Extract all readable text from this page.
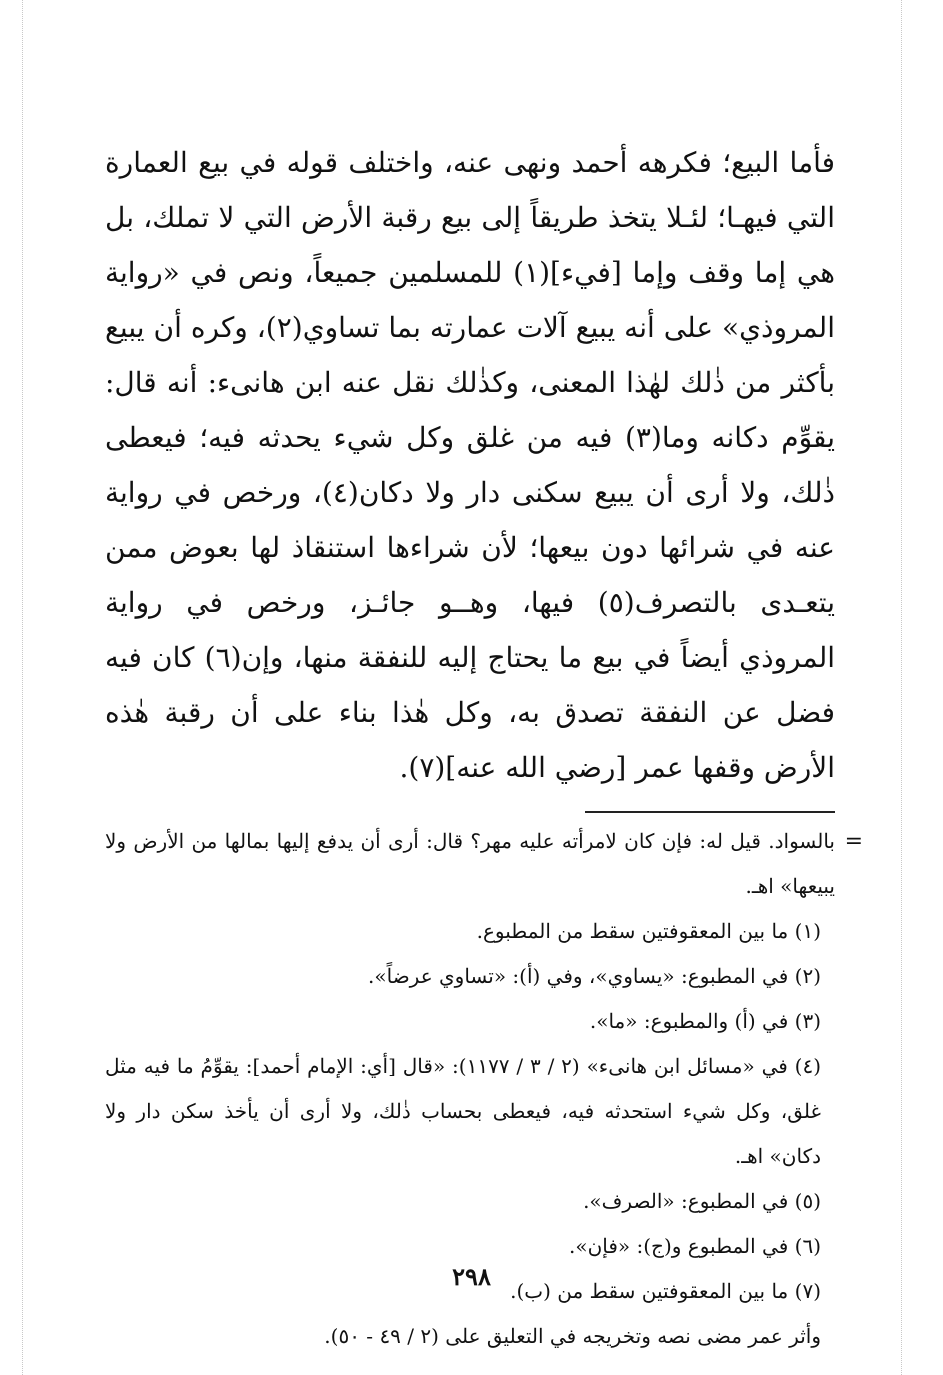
فأما البيع؛ فكرهه أحمد ونهى عنه، واختلف قوله في بيع العمارة التي فيهـا؛ لئـلا يتخذ طريقاً إلى بيع رقبة الأرض التي لا تملك، بل هي إما وقف وإما [فيء](١) للمسلمين جميعاً، ونص في «رواية المروذي» على أنه يبيع آلات عمارته بما تساوي(٢)، وكره أن يبيع بأكثر من ذٰلك لهٰذا المعنى، وكذٰلك نقل عنه ابن هانىء: أنه قال: يقوِّم دكانه وما(٣) فيه من غلق وكل شيء يحدثه فيه؛ فيعطى ذٰلك، ولا أرى أن يبيع سكنى دار ولا دكان(٤)، ورخص في رواية عنه في شرائها دون بيعها؛ لأن شراءها استنقاذ لها بعوض ممن يتعـدى بالتصرف(٥) فيها، وهــو جائـز، ورخص في رواية المروذي أيضاً في بيع ما يحتاج إليه للنفقة منها، وإن(٦) كان فيه فضل عن النفقة تصدق به، وكل هٰذا بناء على أن رقبة هٰذه الأرض وقفها عمر [رضي الله عنه](٧).

=
بالسواد. قيل له: فإن كان لامرأته عليه مهر؟ قال: أرى أن يدفع إليها بمالها من الأرض ولا يبيعها» اهـ.

(١) ما بين المعقوفتين سقط من المطبوع.

(٢) في المطبوع: «يساوي»، وفي (أ): «تساوي عرضاً».

(٣) في (أ) والمطبوع: «ما».

(٤) في «مسائل ابن هانىء» (٢ / ٣ / ١١٧٧): «قال [أي: الإمام أحمد]: يقوِّمُ ما فيه مثل غلق، وكل شيء استحدثه فيه، فيعطى بحساب ذٰلك، ولا أرى أن يأخذ سكن دار ولا دكان» اهـ.

(٥) في المطبوع: «الصرف».

(٦) في المطبوع و(ج): «فإن».

(٧) ما بين المعقوفتين سقط من (ب).

وأثر عمر مضى نصه وتخريجه في التعليق على (٢ / ٤٩ - ٥٠).

٢٩٨
